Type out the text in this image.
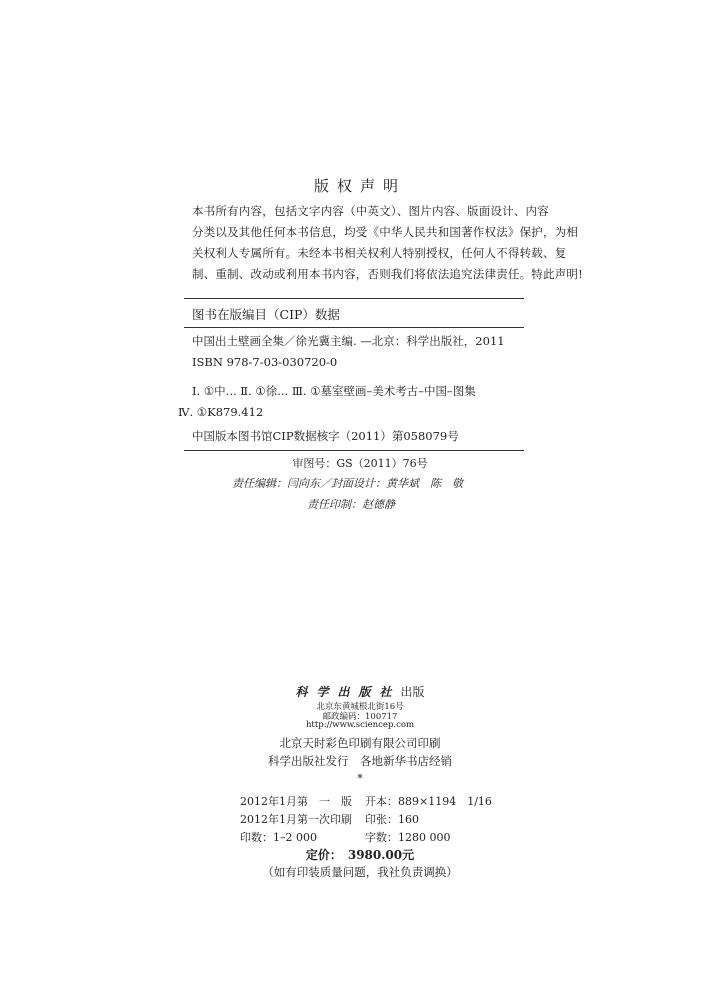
版权声明
本书所有内容，包括文字内容（中英文）、图片内容、版面设计、内容
分类以及其他任何本书信息，均受《中华人民共和国著作权法》保护，为相
关权利人专属所有。未经本书相关权利人特别授权，任何人不得转载、复
制、重制、改动或利用本书内容，否则我们将依法追究法律责任。特此声明!
图书在版编目（CIP）数据
中国出土壁画全集／徐光冀主编. —北京：科学出版社，2011
ISBN 978-7-03-030720-0
Ⅰ. ①中... Ⅱ. ①徐... Ⅲ. ①墓室壁画–美术考古–中国–图集
Ⅳ. ①K879.412
中国版本图书馆CIP数据核字（2011）第058079号
审图号：GS（2011）76号
责任编辑：闫向东／封面设计：黄华斌　陈　敬
责任印制：赵德静
科学出版社出版
北京东黄城根北街16号
邮政编码：100717
http://www.sciencep.com
北京天时彩色印刷有限公司印刷
科学出版社发行　各地新华书店经销
*
2012年1月第　一　版 开本：889×1194　1/16
2012年1月第一次印刷 印张：160
印数：1–2 000	字数：1280 000
定价：　3980.00元
（如有印装质量问题，我社负责调换）
